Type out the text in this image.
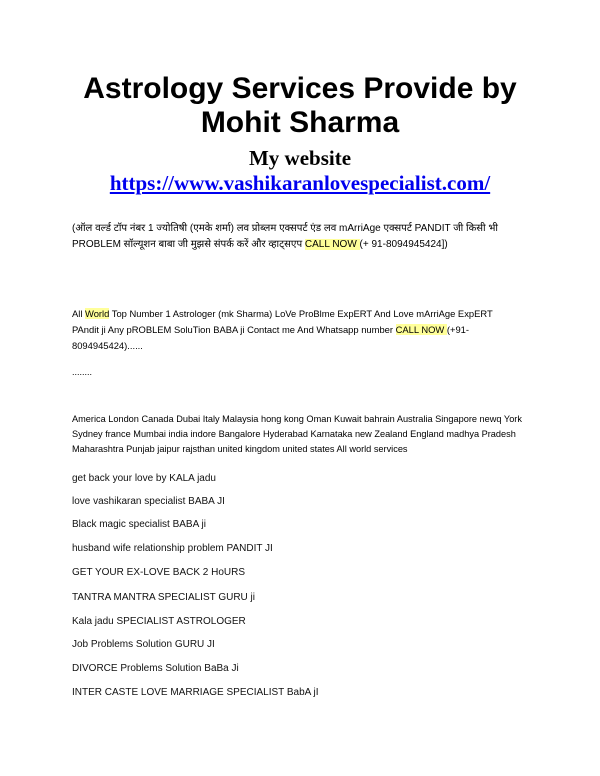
Astrology Services Provide by
Mohit Sharma
My website
https://www.vashikaranlovespecialist.com/
(ऑल वर्ल्ड टॉप नंबर 1 ज्योतिषी (एमके शर्मा) लव प्रोब्लम एक्सपर्ट एंड लव mArriAge एक्सपर्ट PANDIT जी किसी भी PROBLEM सॉल्यूशन बाबा जी मुझसे संपर्क करें और व्हाट्सएप CALL NOW (+ 91-8094945424])
All World Top Number 1 Astrologer (mk Sharma) LoVe ProBlme ExpERT And Love mArriAge ExpERT PAndit ji Any pROBLEM SoluTion BABA ji Contact me And Whatsapp number CALL NOW (+91-8094945424)......
........
America London Canada Dubai Italy Malaysia hong kong Oman Kuwait bahrain Australia Singapore newq York Sydney france Mumbai india indore Bangalore Hyderabad Karnataka new Zealand England madhya Pradesh Maharashtra Punjab jaipur rajsthan united kingdom united states All world services
get back your love by KALA jadu
love vashikaran specialist BABA JI
Black magic specialist BABA ji
husband wife relationship problem PANDIT JI
GET YOUR EX-LOVE BACK 2 HoURS
TANTRA MANTRA SPECIALIST GURU ji
Kala jadu SPECIALIST ASTROLOGER
Job Problems Solution GURU JI
DIVORCE Problems Solution BaBa Ji
INTER CASTE LOVE MARRIAGE SPECIALIST BabA jI
